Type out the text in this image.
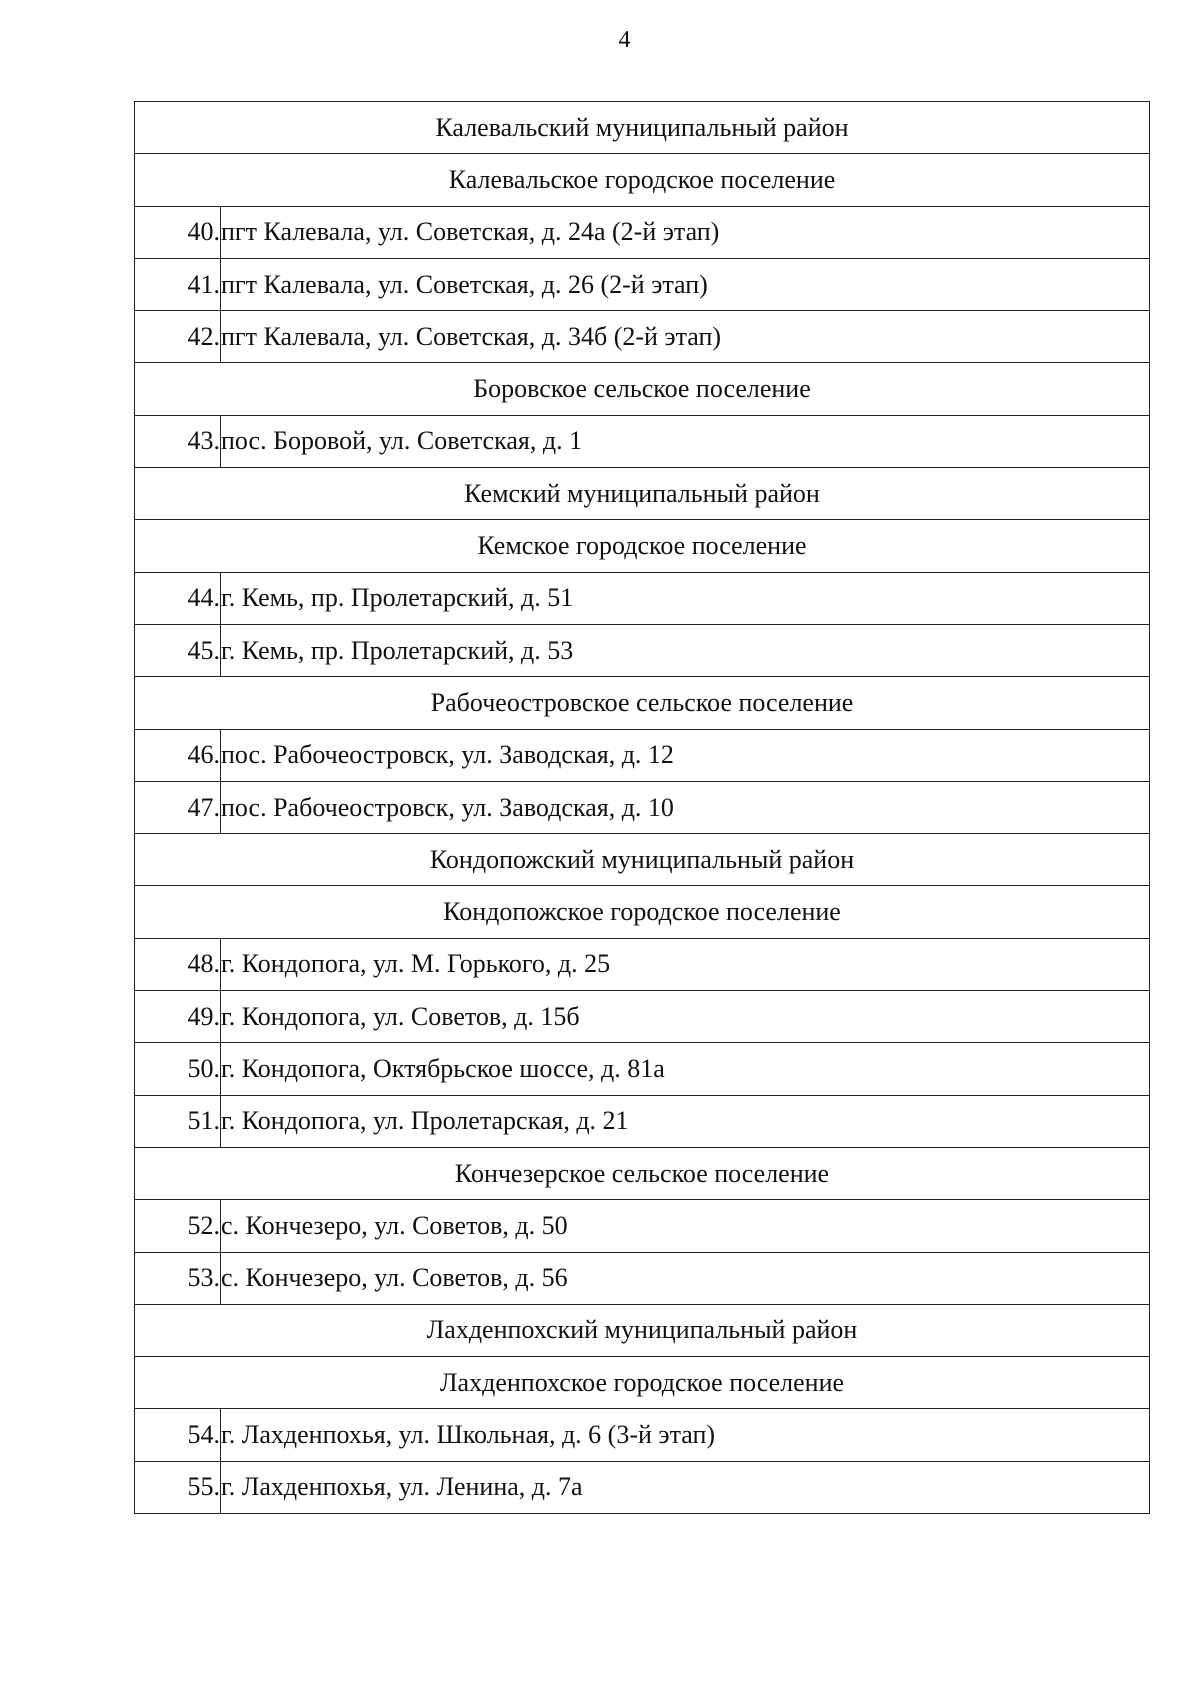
4
Калевальский муниципальный район	
Калевальское городское поселение	
40.	пгт Калевала, ул. Советская, д. 24а (2-й этап)
41.	пгт Калевала, ул. Советская, д. 26 (2-й этап)
42.	пгт Калевала, ул. Советская, д. 34б (2-й этап)
Боровское сельское поселение	
43.	пос. Боровой, ул. Советская, д. 1
Кемский муниципальный район	
Кемское городское поселение	
44.	г. Кемь, пр. Пролетарский, д. 51
45.	г. Кемь, пр. Пролетарский, д. 53
Рабочеостровское сельское поселение	
46.	пос. Рабочеостровск, ул. Заводская, д. 12
47.	пос. Рабочеостровск, ул. Заводская, д. 10
Кондопожский муниципальный район	
Кондопожское городское поселение	
48.	г. Кондопога, ул. М. Горького, д. 25
49.	г. Кондопога, ул. Советов, д. 15б
50.	г. Кондопога, Октябрьское шоссе, д. 81а
51.	г. Кондопога, ул. Пролетарская, д. 21
Кончезерское сельское поселение	
52.	с. Кончезеро, ул. Советов, д. 50
53.	с. Кончезеро, ул. Советов, д. 56
Лахденпохский муниципальный район	
Лахденпохское городское поселение	
54.	г. Лахденпохья, ул. Школьная, д. 6 (3-й этап)
55.	г. Лахденпохья, ул. Ленина, д. 7а
